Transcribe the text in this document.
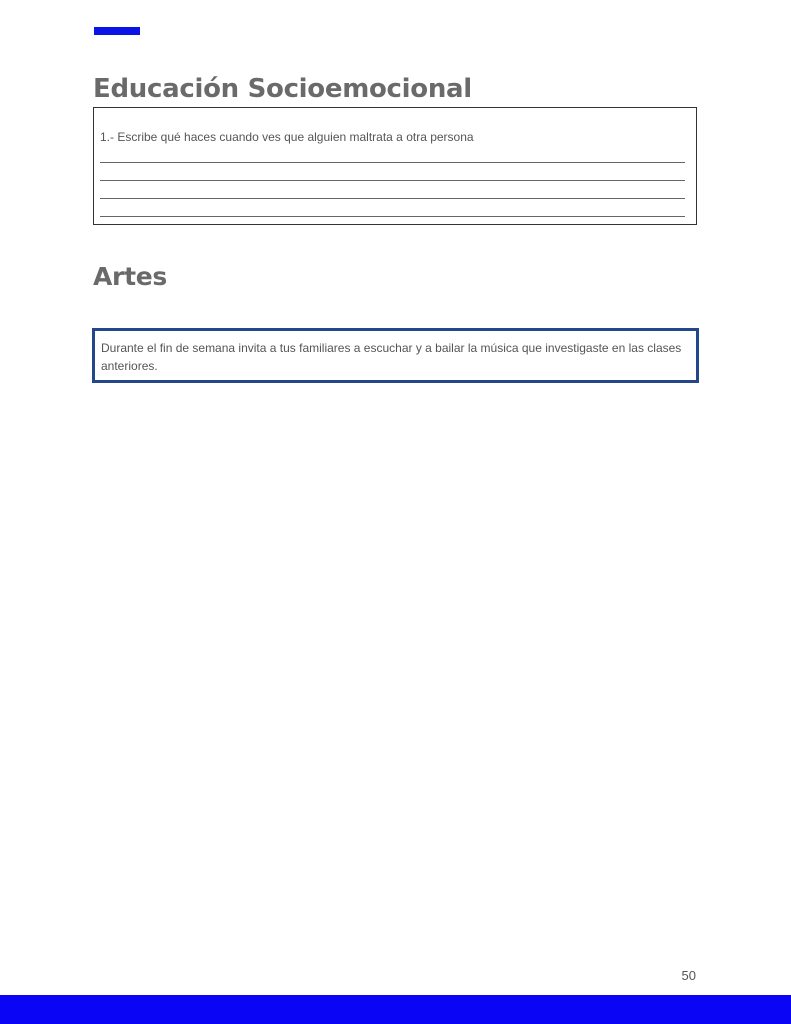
Educación Socioemocional
1.- Escribe qué haces cuando ves que alguien maltrata a otra persona
Artes
Durante el fin de semana invita a tus familiares a escuchar y a bailar la música que investigaste en las clases anteriores.
50
